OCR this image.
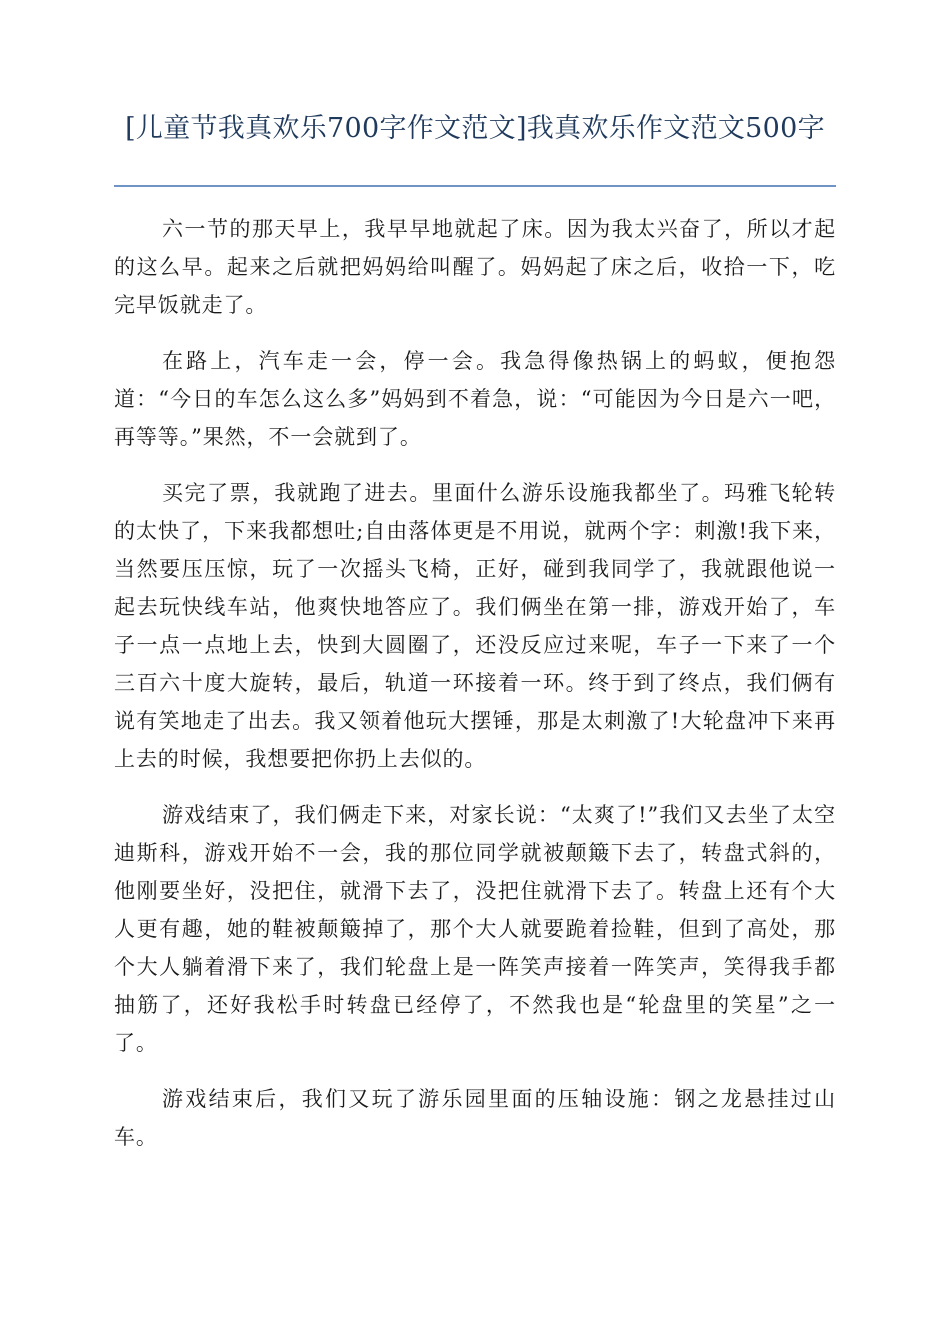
[儿童节我真欢乐700字作文范文]我真欢乐作文范文500字

六一节的那天早上，我早早地就起了床。因为我太兴奋了，所以才起的这么早。起来之后就把妈妈给叫醒了。妈妈起了床之后，收拾一下，吃完早饭就走了。

在路上，汽车走一会，停一会。我急得像热锅上的蚂蚁，便抱怨道：“今日的车怎么这么多”妈妈到不着急，说：“可能因为今日是六一吧，再等等。”果然，不一会就到了。

买完了票，我就跑了进去。里面什么游乐设施我都坐了。玛雅飞轮转的太快了，下来我都想吐;自由落体更是不用说，就两个字：刺激!我下来，当然要压压惊，玩了一次摇头飞椅，正好，碰到我同学了，我就跟他说一起去玩快线车站，他爽快地答应了。我们俩坐在第一排，游戏开始了，车子一点一点地上去，快到大圆圈了，还没反应过来呢，车子一下来了一个三百六十度大旋转，最后，轨道一环接着一环。终于到了终点，我们俩有说有笑地走了出去。我又领着他玩大摆锤，那是太刺激了!大轮盘冲下来再上去的时候，我想要把你扔上去似的。

游戏结束了，我们俩走下来，对家长说：“太爽了!”我们又去坐了太空迪斯科，游戏开始不一会，我的那位同学就被颠簸下去了，转盘式斜的，他刚要坐好，没把住，就滑下去了，没把住就滑下去了。转盘上还有个大人更有趣，她的鞋被颠簸掉了，那个大人就要跪着捡鞋，但到了高处，那个大人躺着滑下来了，我们轮盘上是一阵笑声接着一阵笑声，笑得我手都抽筋了，还好我松手时转盘已经停了，不然我也是“轮盘里的笑星”之一了。

游戏结束后，我们又玩了游乐园里面的压轴设施：钢之龙悬挂过山车。
